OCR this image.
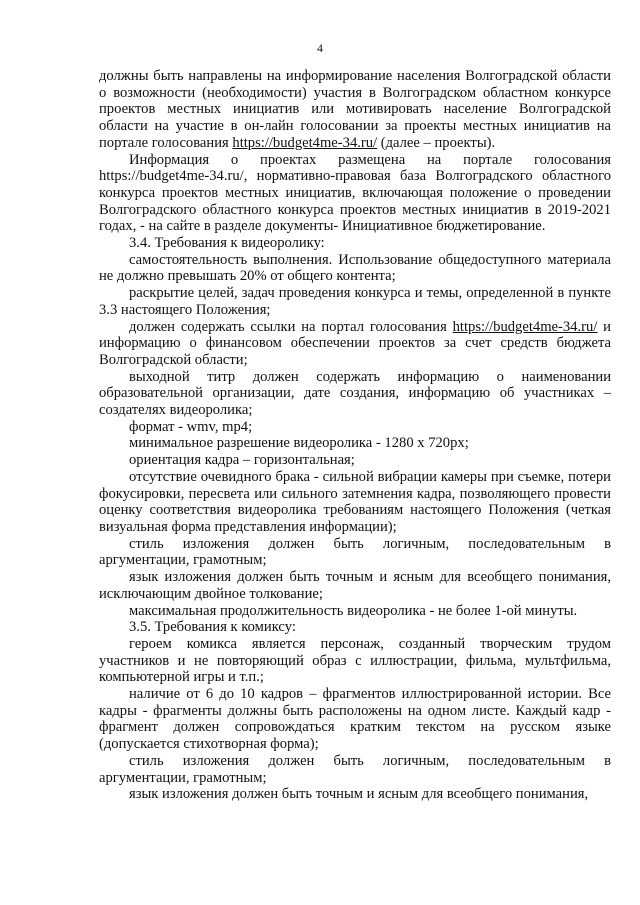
4

должны быть направлены на информирование населения Волгоградской области о возможности (необходимости) участия в Волгоградском областном конкурсе проектов местных инициатив или мотивировать население Волгоградской области на участие в он-лайн голосовании за проекты местных инициатив на портале голосования https://budget4me-34.ru/ (далее – проекты).

Информация о проектах размещена на портале голосования https://budget4me-34.ru/, нормативно-правовая база Волгоградского областного конкурса проектов местных инициатив, включающая положение о проведении Волгоградского областного конкурса проектов местных инициатив в 2019-2021 годах, - на сайте в разделе документы- Инициативное бюджетирование.

3.4. Требования к видеоролику:

самостоятельность выполнения. Использование общедоступного материала не должно превышать 20% от общего контента;

раскрытие целей, задач проведения конкурса и темы, определенной в пункте 3.3 настоящего Положения;

должен содержать ссылки на портал голосования https://budget4me-34.ru/ и информацию о финансовом обеспечении проектов за счет средств бюджета Волгоградской области;

выходной титр должен содержать информацию о наименовании образовательной организации, дате создания, информацию об участниках – создателях видеоролика;

формат - wmv, mp4;

минимальное разрешение видеоролика - 1280 х 720px;

ориентация кадра – горизонтальная;

отсутствие очевидного брака - сильной вибрации камеры при съемке, потери фокусировки, пересвета или сильного затемнения кадра, позволяющего провести оценку соответствия видеоролика требованиям настоящего Положения (четкая визуальная форма представления информации);

стиль изложения должен быть логичным, последовательным в аргументации, грамотным;

язык изложения должен быть точным и ясным для всеобщего понимания, исключающим двойное толкование;

максимальная продолжительность видеоролика - не более 1-ой минуты.

3.5. Требования к комиксу:

героем комикса является персонаж, созданный творческим трудом участников и не повторяющий образ с иллюстрации, фильма, мультфильма, компьютерной игры и т.п.;

наличие от 6 до 10 кадров – фрагментов иллюстрированной истории. Все кадры - фрагменты должны быть расположены на одном листе. Каждый кадр - фрагмент должен сопровождаться кратким текстом на русском языке (допускается стихотворная форма);

стиль изложения должен быть логичным, последовательным в аргументации, грамотным;

язык изложения должен быть точным и ясным для всеобщего понимания,
